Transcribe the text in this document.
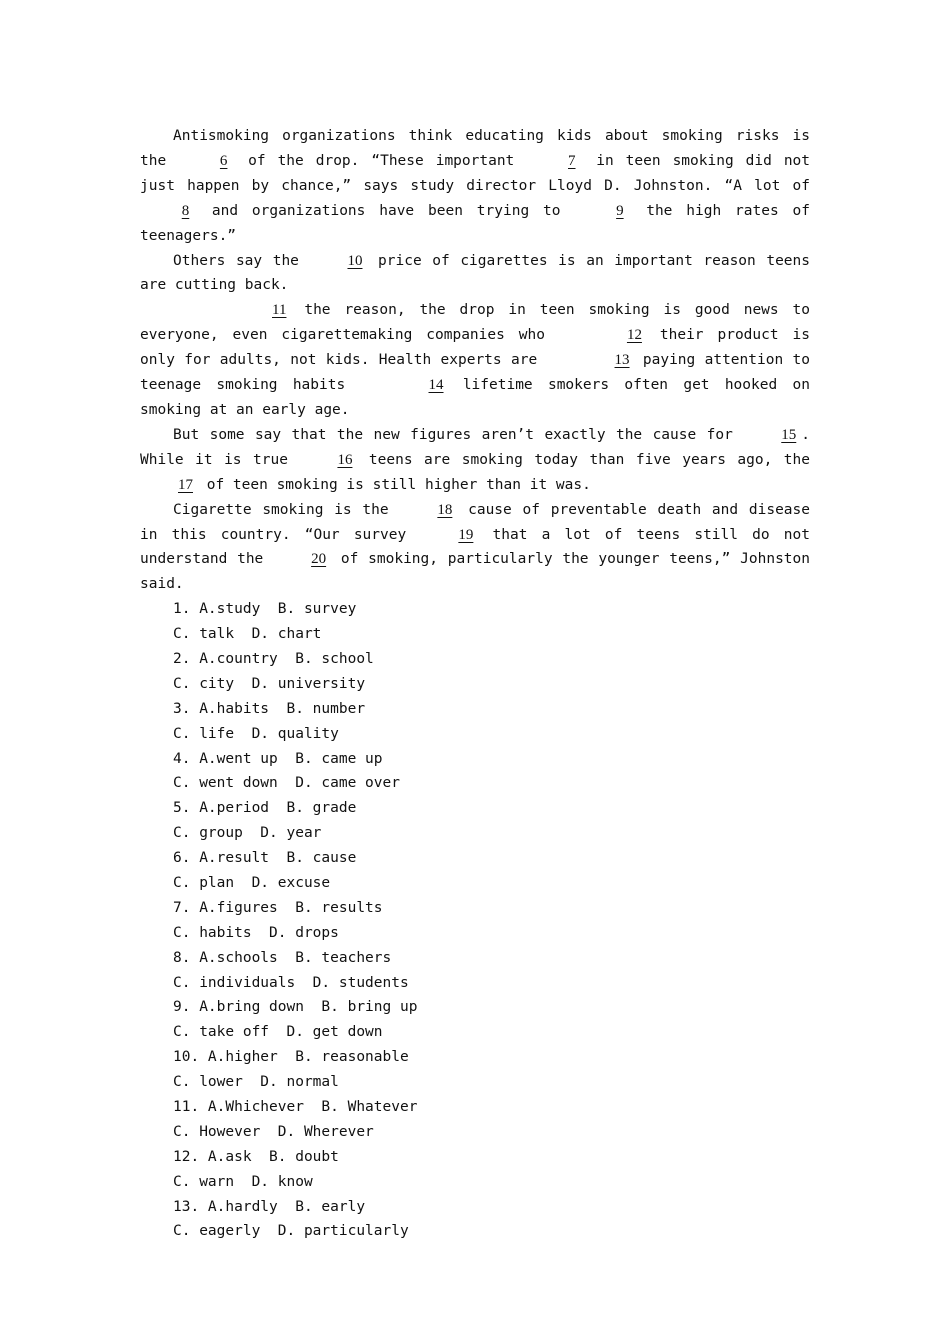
Antismoking organizations think educating kids about smoking risks is the	6 of the drop. “These important	7 in teen smoking did not just happen by chance,” says study director Lloyd D. Johnston. “A lot of 8 and organizations have been trying to	9 the high rates of teenagers.”

Others say the	10 price of cigarettes is an important reason teens are cutting back.

11 the reason, the drop in teen smoking is good news to everyone, even cigarettemaking companies who	12 their product is only for adults, not kids. Health experts are	13 paying attention to teenage smoking habits	14 lifetime smokers often get hooked on smoking at an early age.

But some say that the new figures aren’t exactly the cause for	15 . While it is true	16 teens are smoking today than five years ago, the 17 of teen smoking is still higher than it was.

Cigarette smoking is the	18 cause of preventable death and disease in this country. “Our survey	19 that a lot of teens still do not understand the	20 of smoking, particularly the younger teens,” Johnston said.

1. A.study  B. survey
C. talk  D. chart
2. A.country  B. school
C. city  D. university
3. A.habits  B. number
C. life  D. quality
4. A.went up  B. came up
C. went down  D. came over
5. A.period  B. grade
C. group  D. year
6. A.result  B. cause
C. plan  D. excuse
7. A.figures  B. results
C. habits  D. drops
8. A.schools  B. teachers
C. individuals  D. students
9. A.bring down  B. bring up
C. take off  D. get down
10. A.higher  B. reasonable
C. lower  D. normal
11. A.Whichever  B. Whatever
C. However  D. Wherever
12. A.ask  B. doubt
C. warn  D. know
13. A.hardly  B. early
C. eagerly  D. particularly
